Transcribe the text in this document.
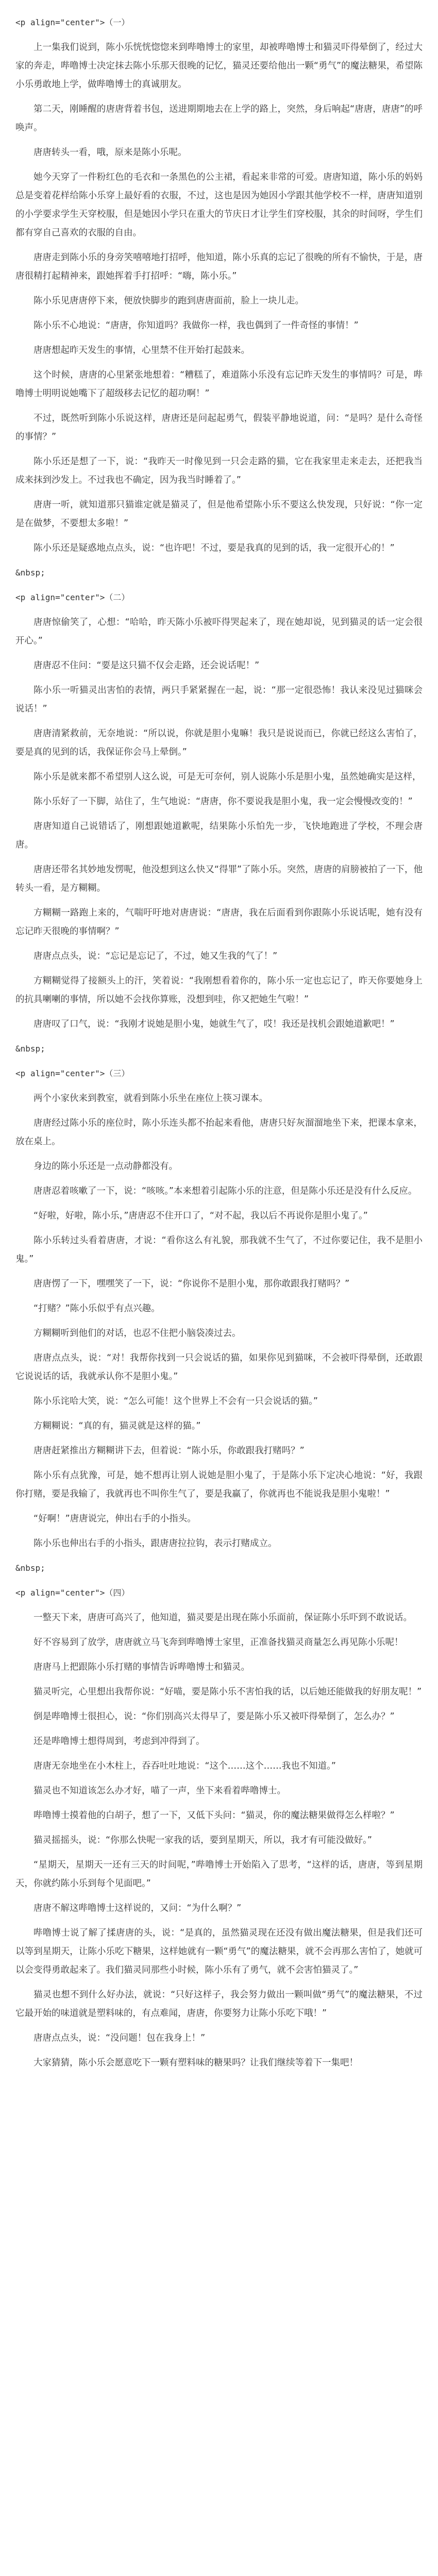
<p align="center">（一）

上一集我们说到，陈小乐恍恍惚惚来到哔噜博士的家里，却被哔噜博士和猫灵吓得晕倒了，经过大家的奔走，哔噜博士决定抹去陈小乐那天很晚的记忆，猫灵还要给他出一颗“勇气”的魔法糖果，希望陈小乐勇敢地上学，做哔噜博士的真诚朋友。

第二天，刚睡醒的唐唐背着书包，送进期期地去在上学的路上，突然，身后响起“唐唐，唐唐”的呼唤声。

唐唐转头一看，哦，原来是陈小乐呢。

她今天穿了一件粉红色的毛衣和一条黑色的公主裙，看起来非常的可爱。唐唐知道，陈小乐的妈妈总是变着花样给陈小乐穿上最好看的衣服，不过，这也是因为她因小学跟其他学校不一样，唐唐知道别的小学要求学生天穿校服，但是她因小学只在重大的节庆日才让学生们穿校服，其余的时间呀，学生们都有穿自己喜欢的衣服的自由。

唐唐走到陈小乐的身旁笑嘻嘻地打招呼，他知道，陈小乐真的忘记了很晚的所有不愉快，于是，唐唐很精打起精神来，跟她挥着手打招呼：“嗨，陈小乐。”

陈小乐见唐唐停下来，便放快脚步的跑到唐唐面前，脸上一块儿走。

陈小乐不心地说：“唐唐，你知道吗？我做你一样，我也偶到了一件奇怪的事情！”

唐唐想起昨天发生的事情，心里禁不住开始打起鼓来。

这个时候，唐唐的心里紧张地想着：“糟糕了，难道陈小乐没有忘记昨天发生的事情吗？可是，哔噜博士明明说她嘴下了超级移去记忆的超功啊！”

不过，既然听到陈小乐说这样，唐唐还是问起起勇气，假装平静地说道，问：“是吗？是什么奇怪的事情？”

陈小乐还是想了一下，说：“我昨天一时像见到一只会走路的猫，它在我家里走来走去，还把我当成来抹到沙发上。不过我也不确定，因为我当时睡着了。”

唐唐一听，就知道那只猫谁定就是猫灵了，但是他希望陈小乐不要这么快发现，只好说：“你一定是在做梦，不要想太多啦！”

陈小乐还是疑惑地点点头，说：“也许吧！不过，要是我真的见到的话，我一定很开心的！”

&nbsp;
<p align="center">（二）

唐唐惊偷笑了，心想：“哈哈，昨天陈小乐被吓得哭起来了，现在她却说，见到猫灵的话一定会很开心。”

唐唐忍不住问：“要是这只猫不仅会走路，还会说话呢！”

陈小乐一听猫灵出害怕的表情，两只手紧紧握在一起，说：“那一定很恐怖！我认来没见过猫咪会说话！”

唐唐清紧救前，无奈地说：“所以说，你就是胆小鬼嘛！我只是说说而已，你就已经这么害怕了，要是真的见到的话，我保证你会马上晕倒。”

陈小乐是就来都不希望别人这么说，可是无可奈何，别人说陈小乐是胆小鬼，虽然她确实是这样，

陈小乐好了一下脚，站住了，生气地说：“唐唐，你不要说我是胆小鬼，我一定会慢慢改变的！”

唐唐知道自己说错话了，刚想跟她道歉呢，结果陈小乐怕先一步，飞快地跑进了学校，不理会唐唐。

唐唐还带名其妙地发愣呢，他没想到这么快又“得罪”了陈小乐。突然，唐唐的肩膀被拍了一下，他转头一看，是方糊糊。

方糊糊一路跑上来的，气喘吁吁地对唐唐说：“唐唐，我在后面看到你跟陈小乐说话呢，她有没有忘记昨天很晚的事情啊？”

唐唐点点头，说：“忘记是忘记了，不过，她又生我的气了！”

方糊糊觉得了接额头上的汗，笑着说：“我刚想看着你的，陈小乐一定也忘记了，昨天你要她身上的抗具喇喇的事情，所以她不会找你算账，没想到哇，你又把她生气啦！”

唐唐叹了口气，说：“我刚才说她是胆小鬼，她就生气了，哎！我还是找机会跟她道歉吧！”

&nbsp;
<p align="center">（三）

两个小家伙来到教室，就看到陈小乐坐在座位上筷习课本。

唐唐经过陈小乐的座位时，陈小乐连头都不抬起来看他，唐唐只好灰溜溜地坐下来，把课本拿来，放在桌上。

身边的陈小乐还是一点动静都没有。

唐唐忍着咳嗽了一下，说：“咳咳。”本来想着引起陈小乐的注意，但是陈小乐还是没有什么反应。

“好啦，好啦，陈小乐，”唐唐忍不住开口了，“对不起，我以后不再说你是胆小鬼了。”

陈小乐转过头看着唐唐，才说：“看你这么有礼貌，那我就不生气了，不过你要记住，我不是胆小鬼。”

唐唐愣了一下，嘿嘿笑了一下，说：“你说你不是胆小鬼，那你敢跟我打赌吗？”

“打赌？”陈小乐似乎有点兴趣。

方糊糊听到他们的对话，也忍不住把小脑袋凑过去。

唐唐点点头，说：“对！我帮你找到一只会说话的猫，如果你见到猫咪，不会被吓得晕倒，还敢跟它说说话的话，我就承认你不是胆小鬼。”

陈小乐诧哈大笑，说：“怎么可能！这个世界上不会有一只会说话的猫。”

方糊糊说：“真的有，猫灵就是这样的猫。”

唐唐赶紧推出方糊糊讲下去，但着说：“陈小乐，你敢跟我打赌吗？”

陈小乐有点犹豫，可是，她不想再让别人说她是胆小鬼了，于是陈小乐下定决心地说：“好，我跟你打赌，要是我输了，我就再也不叫你生气了，要是我赢了，你就再也不能说我是胆小鬼啦！”

“好啊！”唐唐说完，伸出右手的小指头。

陈小乐也伸出右手的小指头，跟唐唐拉拉钩，表示打赌成立。

&nbsp;
<p align="center">（四）

一整天下来，唐唐可高兴了，他知道，猫灵要是出现在陈小乐面前，保证陈小乐吓到不敢说话。

好不容易到了放学，唐唐就立马飞奔到哔噜博士家里，正准备找猫灵商量怎么再见陈小乐呢！

唐唐马上把跟陈小乐打赌的事情告诉哔噜博士和猫灵。

猫灵听完，心里想出我帮你说：“好喵，要是陈小乐不害怕我的话，以后她还能做我的好朋友呢！”

倒是哔噜博士很担心，说：“你们别高兴太得早了，要是陈小乐又被吓得晕倒了，怎么办？”

还是哔噜博士想得周到，考虑到冲得到了。

唐唐无奈地坐在小木柱上，吞吞吐吐地说：“这个……这个……我也不知道。”

猫灵也不知道该怎么办才好，喵了一声，坐下来看着哔噜博士。

哔噜博士摸着他的白胡子，想了一下，又低下头问：“猫灵，你的魔法糖果做得怎么样啦？”

猫灵摇摇头，说：“你那么快呢一家我的话，要到星期天，所以，我才有可能没做好。”

“星期天，星期天一还有三天的时间呢，”哔噜博士开始陷入了思考，“这样的话，唐唐，等到星期天，你就约陈小乐到每个见面吧。”

唐唐不解这哔噜博士这样说的，又问：“为什么啊？”

哔噜博士说了解了揉唐唐的头，说：“是真的，虽然猫灵现在还没有做出魔法糖果，但是我们还可以等到星期天，让陈小乐吃下糖果，这样她就有一颗“勇气”的魔法糖果，就不会再那么害怕了，她就可以会变得勇敢起来了。我们猫灵同那些小时候，陈小乐有了勇气，就不会害怕猫灵了。”

猫灵也想不到什么好办法，就说：“只好这样子，我会努力做出一颗叫做“勇气”的魔法糖果，不过它最开始的味道就是塑料味的，有点难闻，唐唐，你要努力让陈小乐吃下哦！”

唐唐点点头，说：“没问题！包在我身上！”

大家猜猜，陈小乐会愿意吃下一颗有塑料味的糖果吗？让我们继续等着下一集吧！
